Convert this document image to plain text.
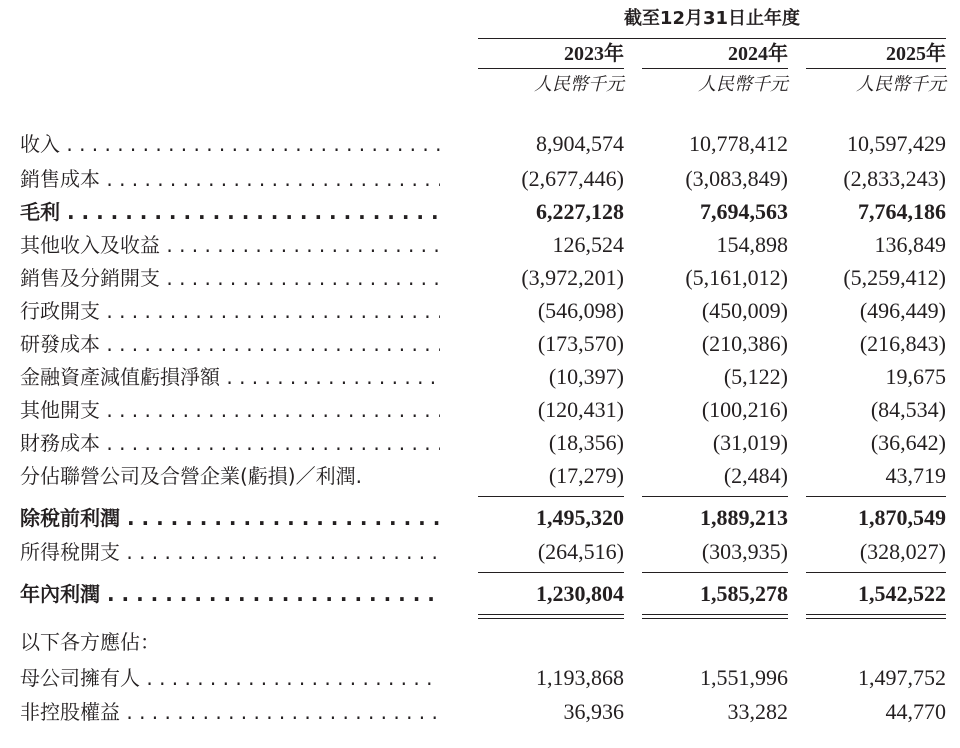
截至12月31日止年度
2023年	2024年	2025年
人民幣千元	人民幣千元	人民幣千元
收入 . . .	8,904,574	10,778,412	10,597,429
銷售成本 . . .	(2,677,446)	(3,083,849)	(2,833,243)
毛利 . . .	6,227,128	7,694,563	7,764,186
其他收入及收益 . . .	126,524	154,898	136,849
銷售及分銷開支 . . .	(3,972,201)	(5,161,012)	(5,259,412)
行政開支 . . .	(546,098)	(450,009)	(496,449)
研發成本 . . .	(173,570)	(210,386)	(216,843)
金融資產減值虧損淨額 . . .	(10,397)	(5,122)	19,675
其他開支 . . .	(120,431)	(100,216)	(84,534)
財務成本 . . .	(18,356)	(31,019)	(36,642)
分佔聯營公司及合營企業(虧損)／利潤.	(17,279)	(2,484)	43,719
除稅前利潤 . . .	1,495,320	1,889,213	1,870,549
所得稅開支 . . .	(264,516)	(303,935)	(328,027)
年內利潤 . . .	1,230,804	1,585,278	1,542,522
以下各方應佔：
母公司擁有人 . . .	1,193,868	1,551,996	1,497,752
非控股權益 . . .	36,936	33,282	44,770
